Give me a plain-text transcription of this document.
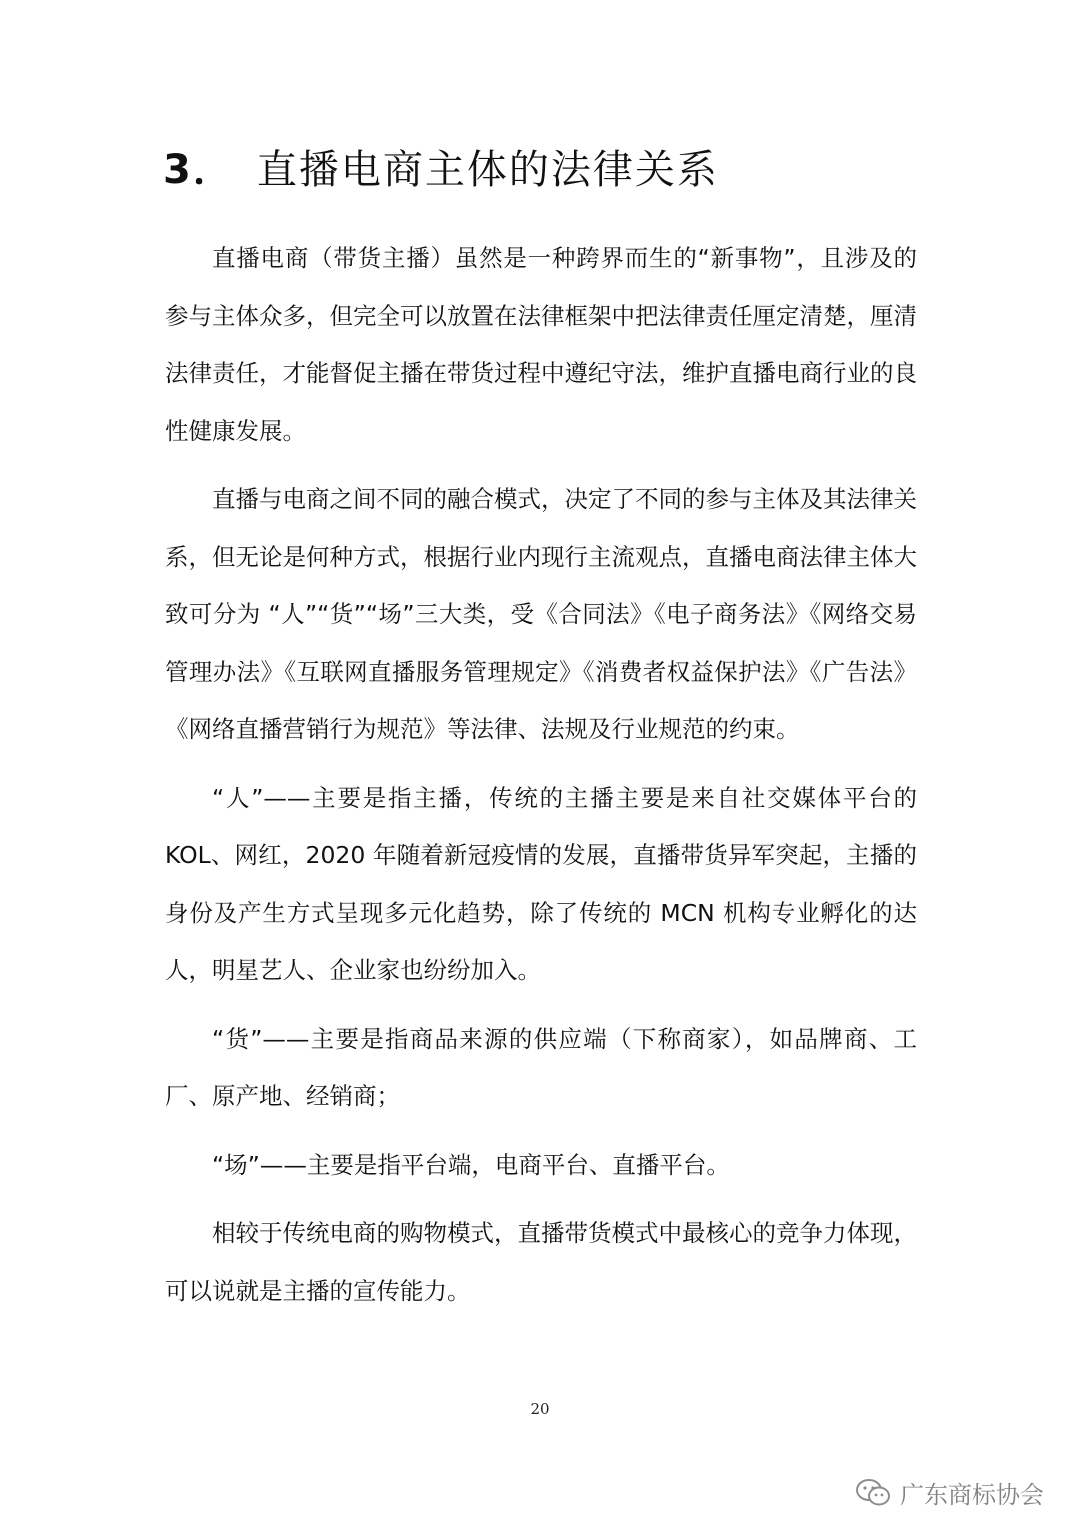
3． 直播电商主体的法律关系

直播电商（带货主播）虽然是一种跨界而生的“新事物”，且涉及的参与主体众多，但完全可以放置在法律框架中把法律责任厘定清楚，厘清法律责任，才能督促主播在带货过程中遵纪守法，维护直播电商行业的良性健康发展。

直播与电商之间不同的融合模式，决定了不同的参与主体及其法律关系，但无论是何种方式，根据行业内现行主流观点，直播电商法律主体大致可分为 “人”“货”“场”三大类，受《合同法》《电子商务法》《网络交易管理办法》《互联网直播服务管理规定》《消费者权益保护法》《广告法》《网络直播营销行为规范》等法律、法规及行业规范的约束。

“人”——主要是指主播，传统的主播主要是来自社交媒体平台的 KOL、网红，2020 年随着新冠疫情的发展，直播带货异军突起，主播的身份及产生方式呈现多元化趋势，除了传统的 MCN 机构专业孵化的达人，明星艺人、企业家也纷纷加入。

“货”——主要是指商品来源的供应端（下称商家），如品牌商、工厂、原产地、经销商；

“场”——主要是指平台端，电商平台、直播平台。

相较于传统电商的购物模式，直播带货模式中最核心的竞争力体现，可以说就是主播的宣传能力。

20
广东商标协会
